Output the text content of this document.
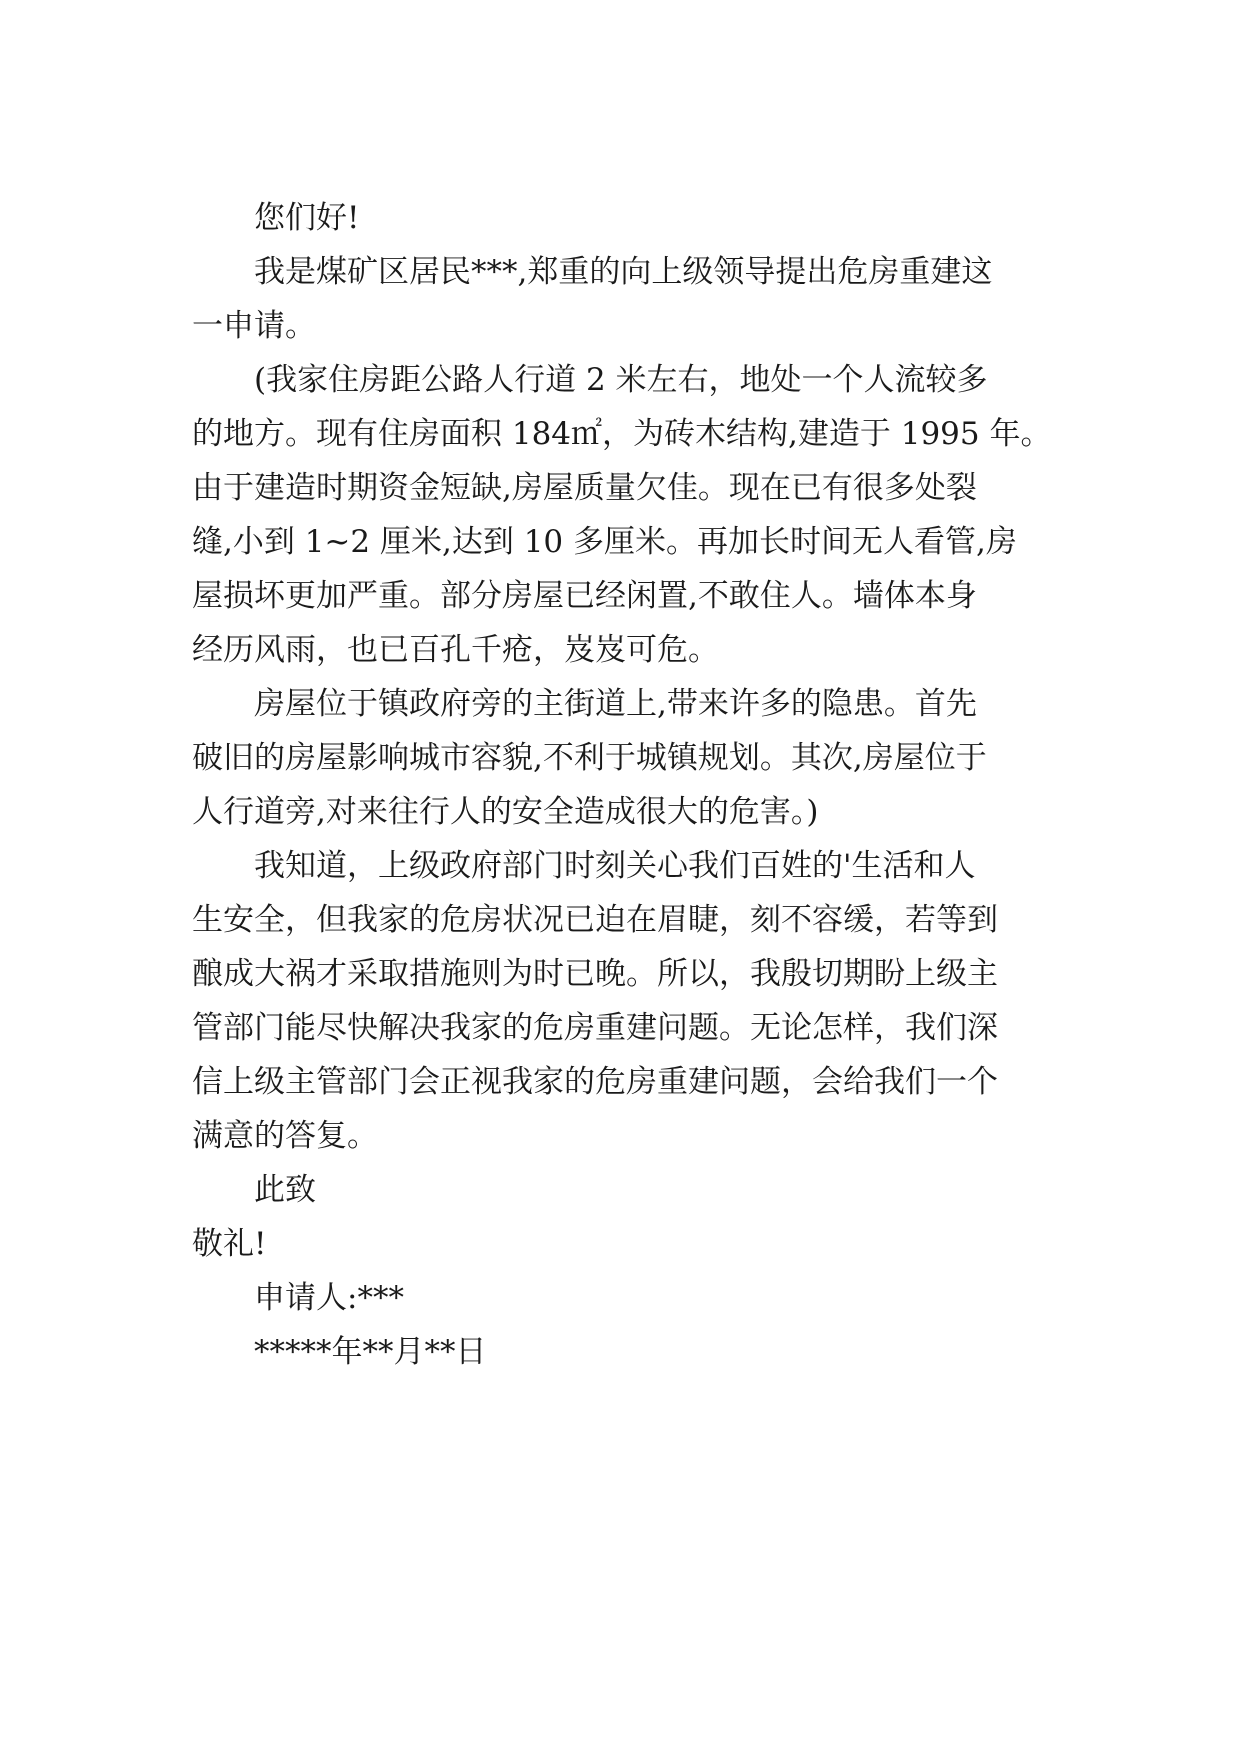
您们好!
我是煤矿区居民***,郑重的向上级领导提出危房重建这
一申请。
(我家住房距公路人行道 2 米左右，地处一个人流较多
的地方。现有住房面积 184㎡，为砖木结构,建造于 1995 年。
由于建造时期资金短缺,房屋质量欠佳。现在已有很多处裂
缝,小到 1~2 厘米,达到 10 多厘米。再加长时间无人看管,房
屋损坏更加严重。部分房屋已经闲置,不敢住人。墙体本身
经历风雨，也已百孔千疮，岌岌可危。
房屋位于镇政府旁的主街道上,带来许多的隐患。首先
破旧的房屋影响城市容貌,不利于城镇规划。其次,房屋位于
人行道旁,对来往行人的安全造成很大的危害。)
我知道，上级政府部门时刻关心我们百姓的'生活和人
生安全，但我家的危房状况已迫在眉睫，刻不容缓，若等到
酿成大祸才采取措施则为时已晚。所以，我殷切期盼上级主
管部门能尽快解决我家的危房重建问题。无论怎样，我们深
信上级主管部门会正视我家的危房重建问题，会给我们一个
满意的答复。
此致
敬礼!
申请人:***
*****年**月**日
